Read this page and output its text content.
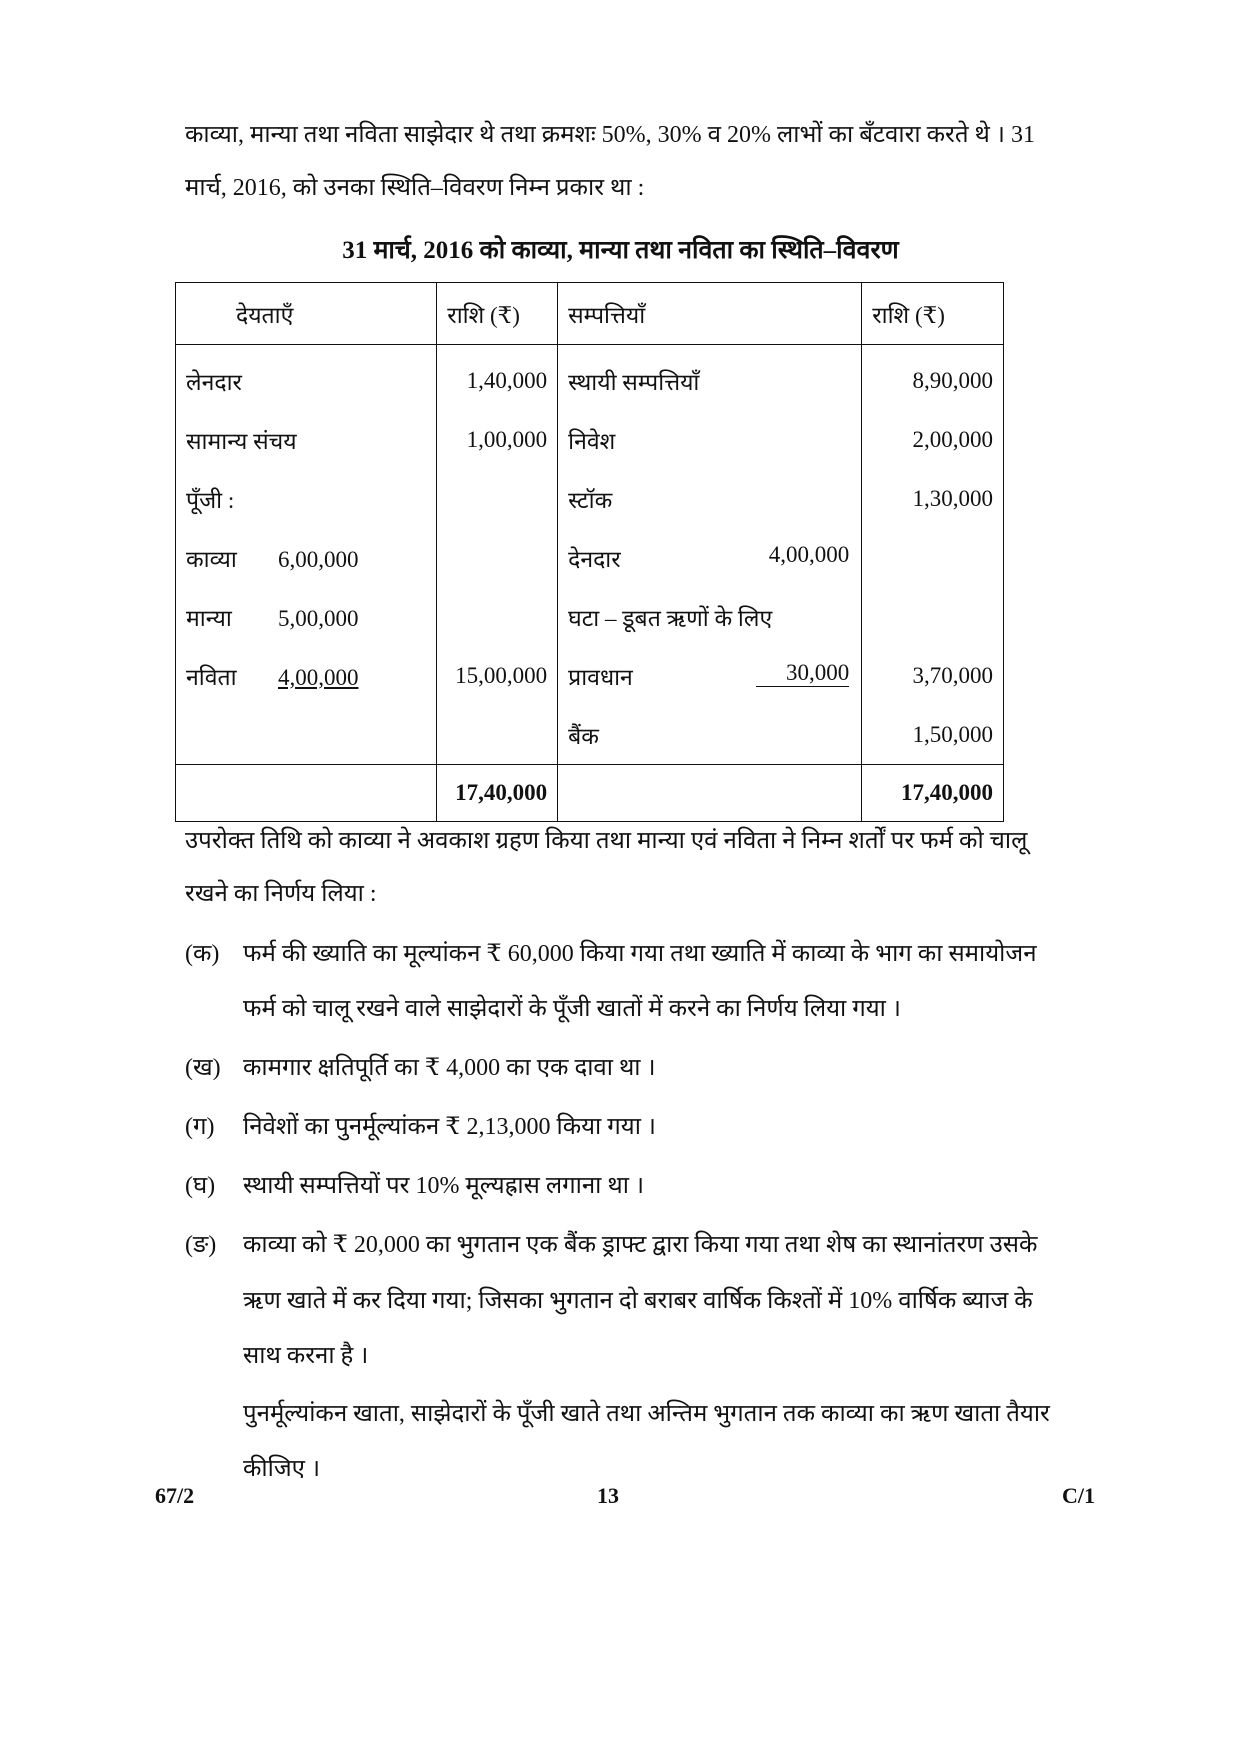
काव्या, मान्या तथा नविता साझेदार थे तथा क्रमशः 50%, 30% व 20% लाभों का बँटवारा करते थे । 31
मार्च, 2016, को उनका स्थिति–विवरण निम्न प्रकार था :
31 मार्च, 2016 को काव्या, मान्या तथा नविता का स्थिति–विवरण
देयताएँ	राशि (₹)	सम्पत्तियाँ	राशि (₹)
लेनदार	1,40,000	स्थायी सम्पत्तियाँ	8,90,000
सामान्य संचय	1,00,000	निवेश	2,00,000
पूँजी :		स्टॉक	1,30,000
काव्या 6,00,000		देनदार 4,00,000	

मान्या 5,00,000		घटा – डूबत ऋणों के लिए	
नविता 4,00,000	15,00,000	प्रावधान 30,000	3,70,000
		बैंक	1,50,000
	17,40,000		17,40,000
उपरोक्त तिथि को काव्या ने अवकाश ग्रहण किया तथा मान्या एवं नविता ने निम्न शर्तों पर फर्म को चालू
रखने का निर्णय लिया :
(क) फर्म की ख्याति का मूल्यांकन ₹ 60,000 किया गया तथा ख्याति में काव्या के भाग का समायोजन
फर्म को चालू रखने वाले साझेदारों के पूँजी खातों में करने का निर्णय लिया गया ।
(ख) कामगार क्षतिपूर्ति का ₹ 4,000 का एक दावा था ।
(ग) निवेशों का पुनर्मूल्यांकन ₹ 2,13,000 किया गया ।
(घ) स्थायी सम्पत्तियों पर 10% मूल्यह्रास लगाना था ।
(ङ) काव्या को ₹ 20,000 का भुगतान एक बैंक ड्राफ्ट द्वारा किया गया तथा शेष का स्थानांतरण उसके
ऋण खाते में कर दिया गया; जिसका भुगतान दो बराबर वार्षिक किश्तों में 10% वार्षिक ब्याज के
साथ करना है ।
पुनर्मूल्यांकन खाता, साझेदारों के पूँजी खाते तथा अन्तिम भुगतान तक काव्या का ऋण खाता तैयार
कीजिए ।
67/2	13	C/1
